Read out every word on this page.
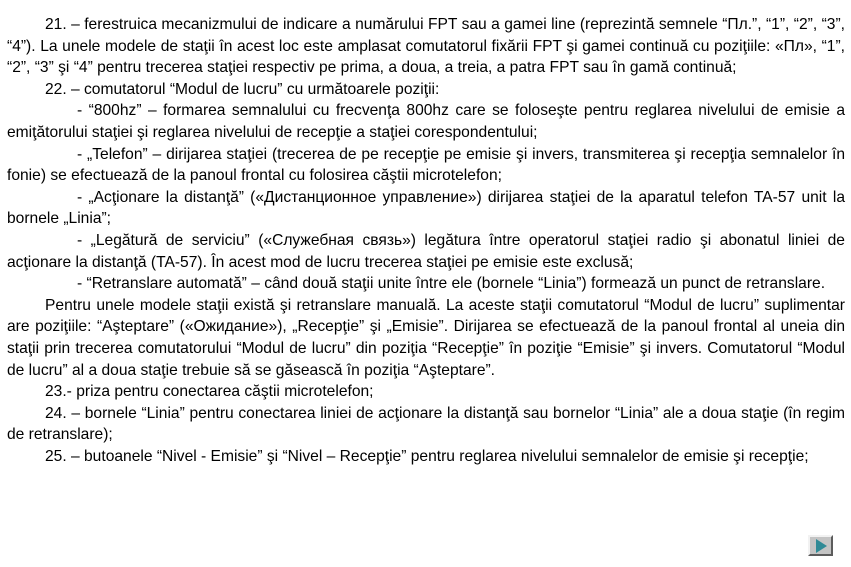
21. – ferestruica mecanizmului de indicare a numărului FPT sau a gamei line (reprezintă semnele “Пл.”, “1”, “2”, “3”, “4”). La unele modele de staţii în acest loc este amplasat comutatorul fixării FPT şi gamei continuă cu poziţiile: «Пл», “1”, “2”, “3” şi “4” pentru trecerea staţiei respectiv pe prima, a doua, a treia, a patra FPT sau în gamă continuă;

22. – comutatorul “Modul de lucru” cu următoarele poziţii:

- “800hz” – formarea semnalului cu frecvenţa 800hz care se foloseşte pentru reglarea nivelului de emisie a emiţătorului staţiei şi reglarea nivelului de recepţie a staţiei corespondentului;

- „Telefon” – dirijarea staţiei (trecerea de pe recepţie pe emisie şi invers, transmiterea şi recepţia semnalelor în fonie) se efectuează de la panoul frontal cu folosirea căştii microtelefon;

- „Acţionare la distanţă” («Дистанционное управление») dirijarea staţiei de la aparatul telefon TA-57 unit la bornele „Linia”;

- „Legătură de serviciu” («Служебная связь») legătura între operatorul staţiei radio şi abonatul liniei de acţionare la distanţă (TA-57). În acest mod de lucru trecerea staţiei pe emisie este exclusă;

- “Retranslare automată” – când două staţii unite între ele (bornele “Linia”) formează un punct de retranslare.

Pentru unele modele staţii există şi retranslare manuală. La aceste staţii comutatorul “Modul de lucru” suplimentar are poziţiile: “Aşteptare” («Ожидание»), „Recepţie” şi „Emisie”. Dirijarea se efectuează de la panoul frontal al uneia din staţii prin trecerea comutatorului “Modul de lucru” din poziţia “Recepţie” în poziţie “Emisie” şi invers. Comutatorul “Modul de lucru” al a doua staţie trebuie să se găsească în poziţia “Aşteptare”.

23.- priza pentru conectarea căştii microtelefon;

24. – bornele “Linia” pentru conectarea liniei de acţionare la distanţă sau bornelor “Linia” ale a doua staţie (în regim de retranslare);

25. – butoanele “Nivel - Emisie” şi “Nivel – Recepţie” pentru reglarea nivelului semnalelor de emisie şi recepţie;
